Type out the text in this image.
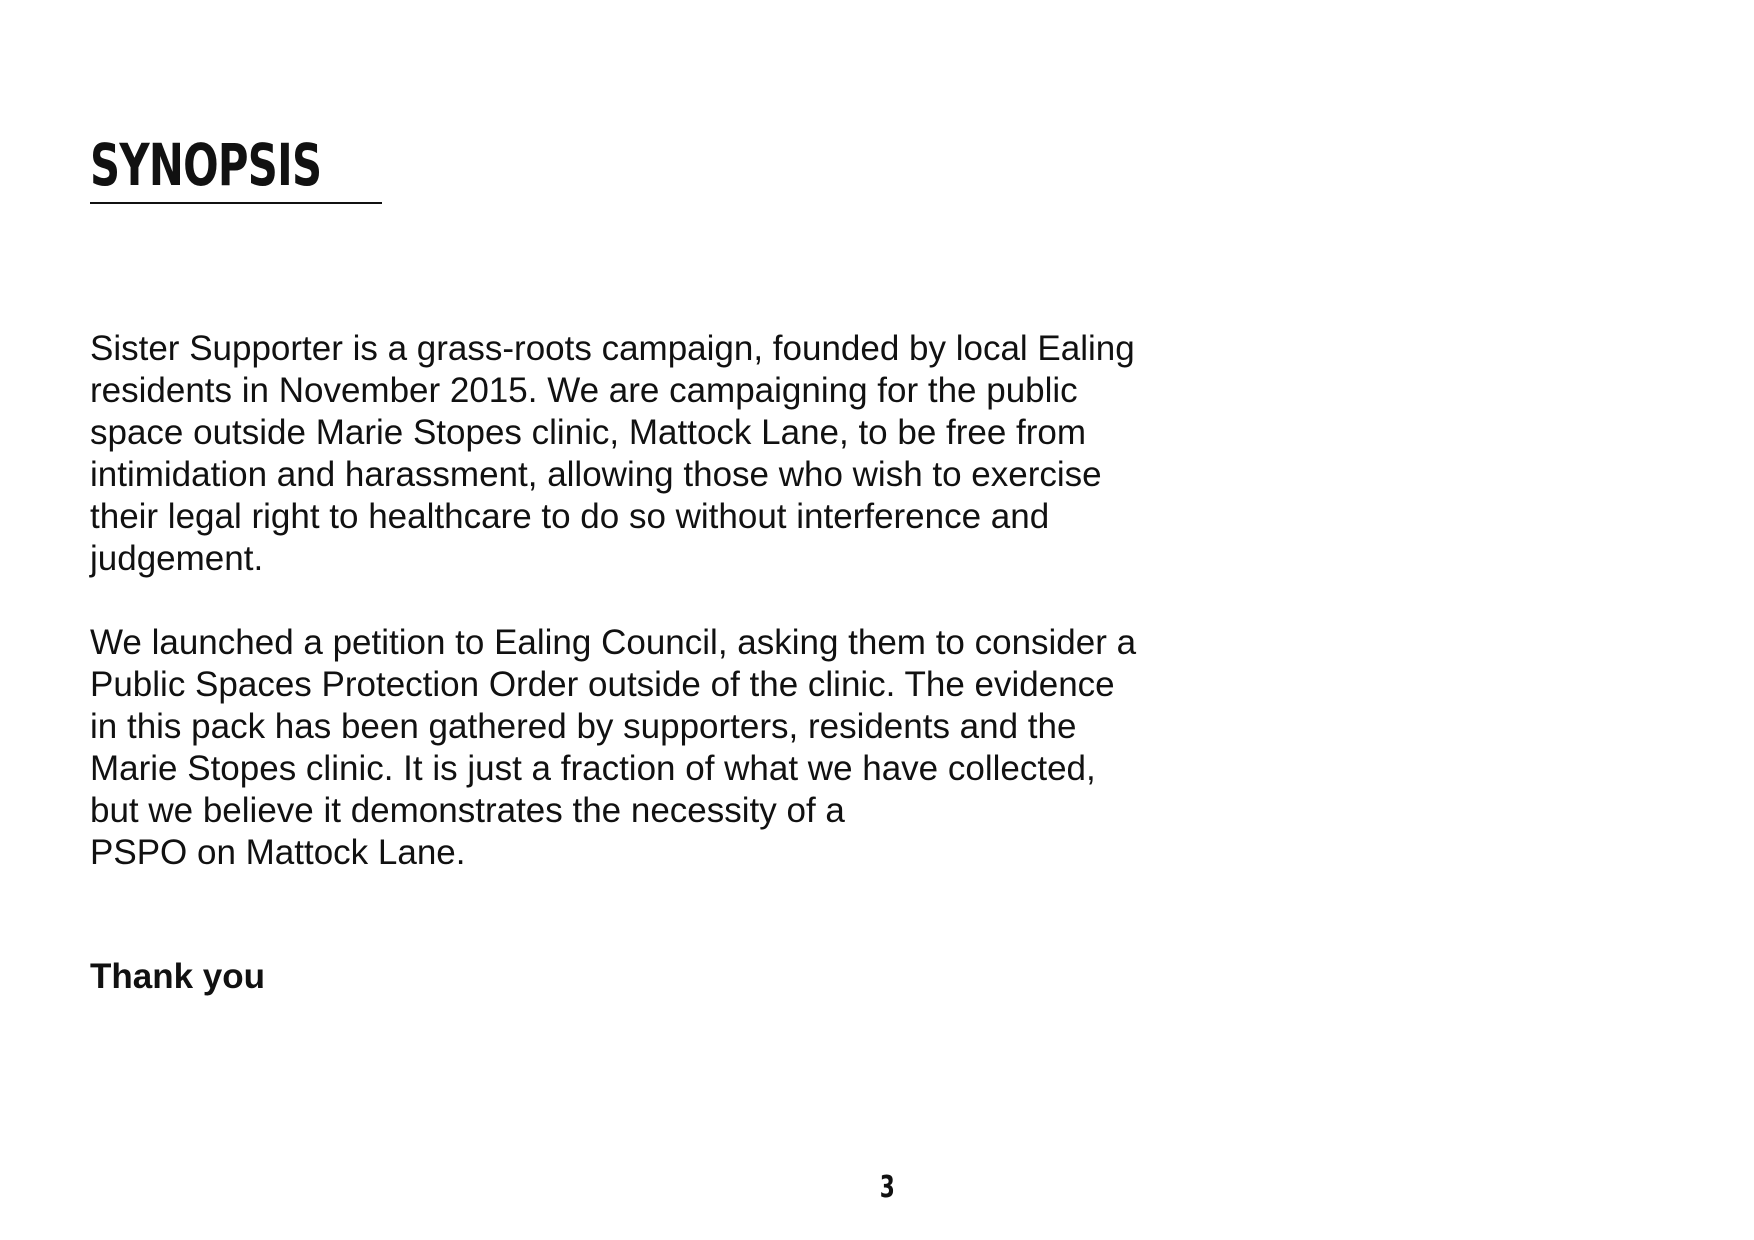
SYNOPSIS

Sister Supporter is a grass-roots campaign, founded by local Ealing
residents in November 2015. We are campaigning for the public
space outside Marie Stopes clinic, Mattock Lane, to be free from
intimidation and harassment, allowing those who wish to exercise
their legal right to healthcare to do so without interference and
judgement.

We launched a petition to Ealing Council, asking them to consider a
Public Spaces Protection Order outside of the clinic. The evidence
in this pack has been gathered by supporters, residents and the
Marie Stopes clinic. It is just a fraction of what we have collected,
but we believe it demonstrates the necessity of a
PSPO on Mattock Lane.

Thank you

3
